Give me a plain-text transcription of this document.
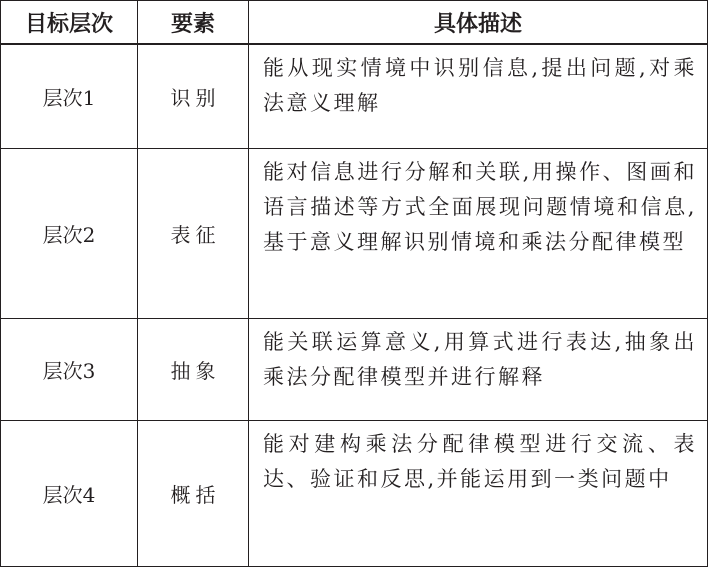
目标层次	要素	具体描述
层次1	识别	能从现实情境中识别信息,提出问题,对乘法意义理解
层次2	表征	能对信息进行分解和关联,用操作、图画和语言描述等方式全面展现问题情境和信息,基于意义理解识别情境和乘法分配律模型
层次3	抽象	能关联运算意义,用算式进行表达,抽象出乘法分配律模型并进行解释
层次4	概括	能对建构乘法分配律模型进行交流、表达、验证和反思,并能运用到一类问题中
